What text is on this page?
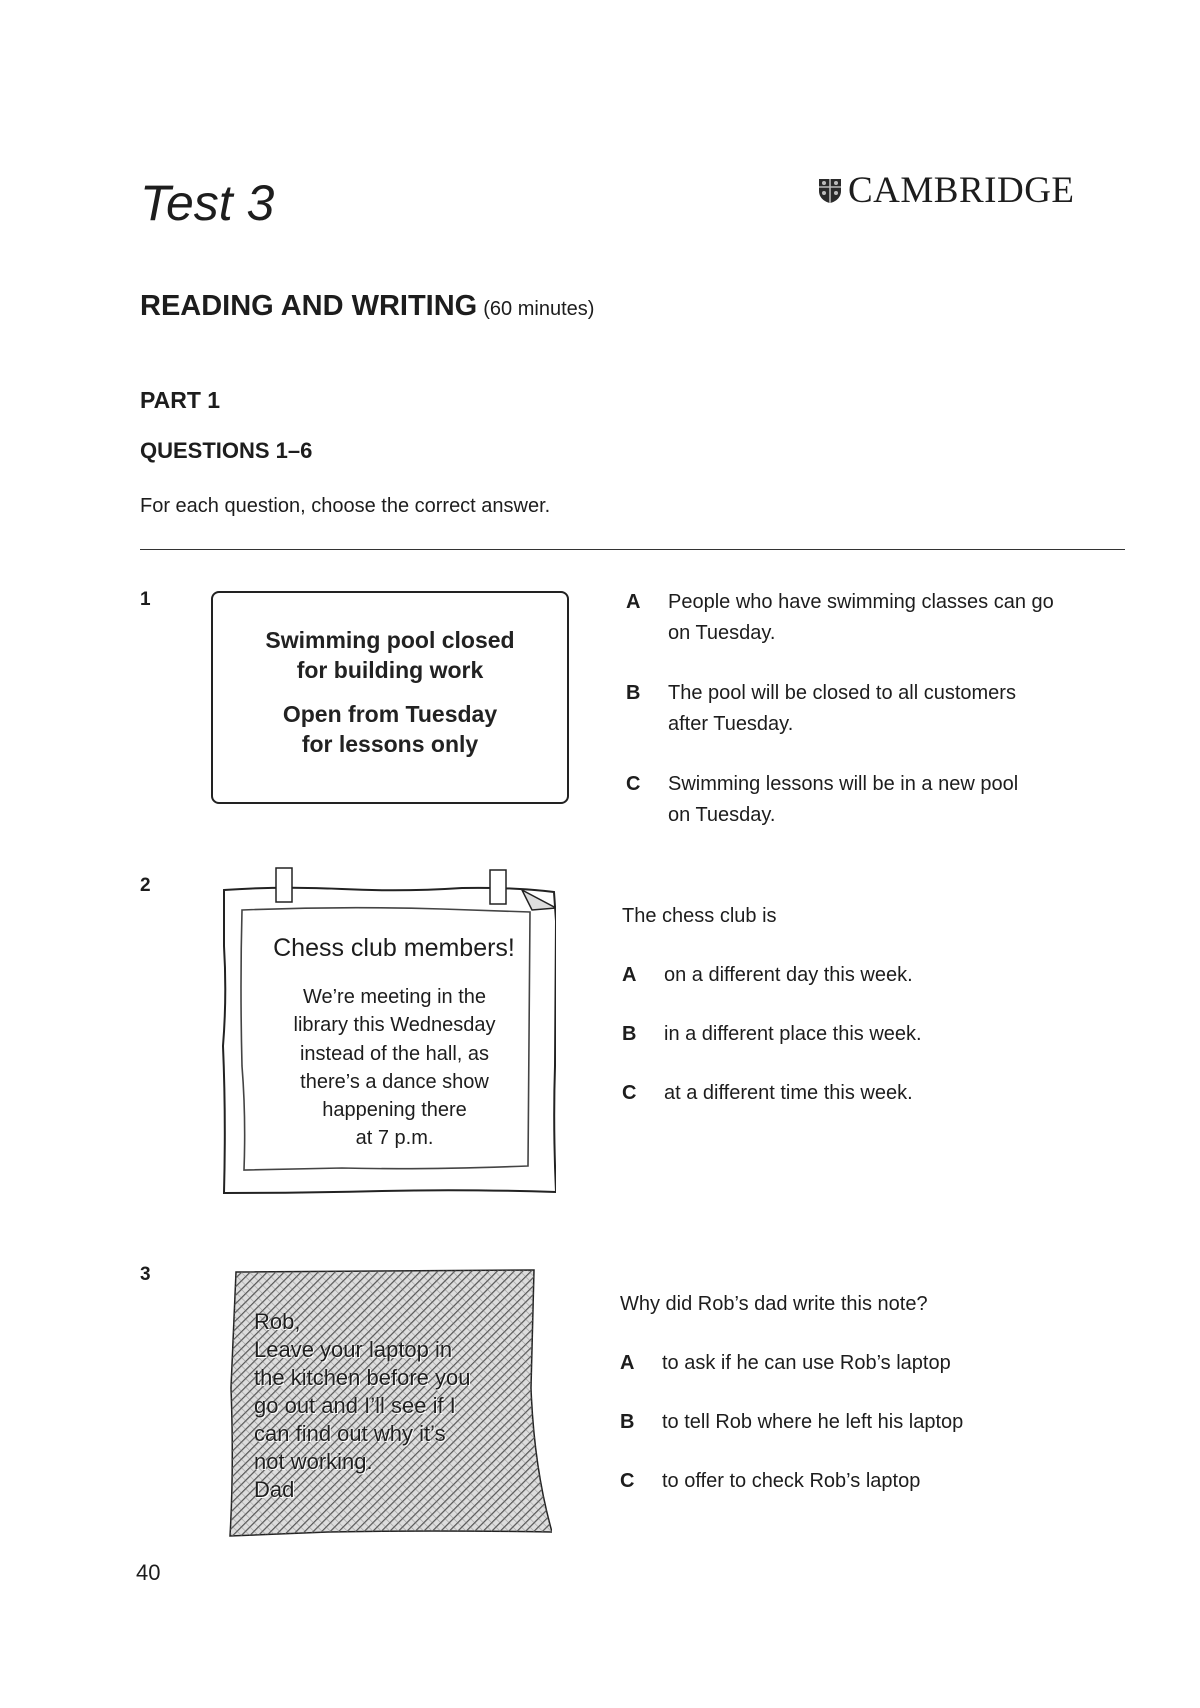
Test 3	CAMBRIDGE
READING AND WRITING (60 minutes)
PART 1
QUESTIONS 1–6
For each question, choose the correct answer.
1
Swimming pool closed
for building work
Open from Tuesday
for lessons only
A	People who have swimming classes can go
on Tuesday.
B	The pool will be closed to all customers
after Tuesday.
C	Swimming lessons will be in a new pool
on Tuesday.
2
Chess club members!
We’re meeting in the
library this Wednesday
instead of the hall, as
there’s a dance show
happening there
at 7 p.m.
The chess club is
A	on a different day this week.
B	in a different place this week.
C	at a different time this week.
3
Rob,
Leave your laptop in
the kitchen before you
go out and I’ll see if I
can find out why it’s
not working.
Dad
Why did Rob’s dad write this note?
A	to ask if he can use Rob’s laptop
B	to tell Rob where he left his laptop
C	to offer to check Rob’s laptop
40
